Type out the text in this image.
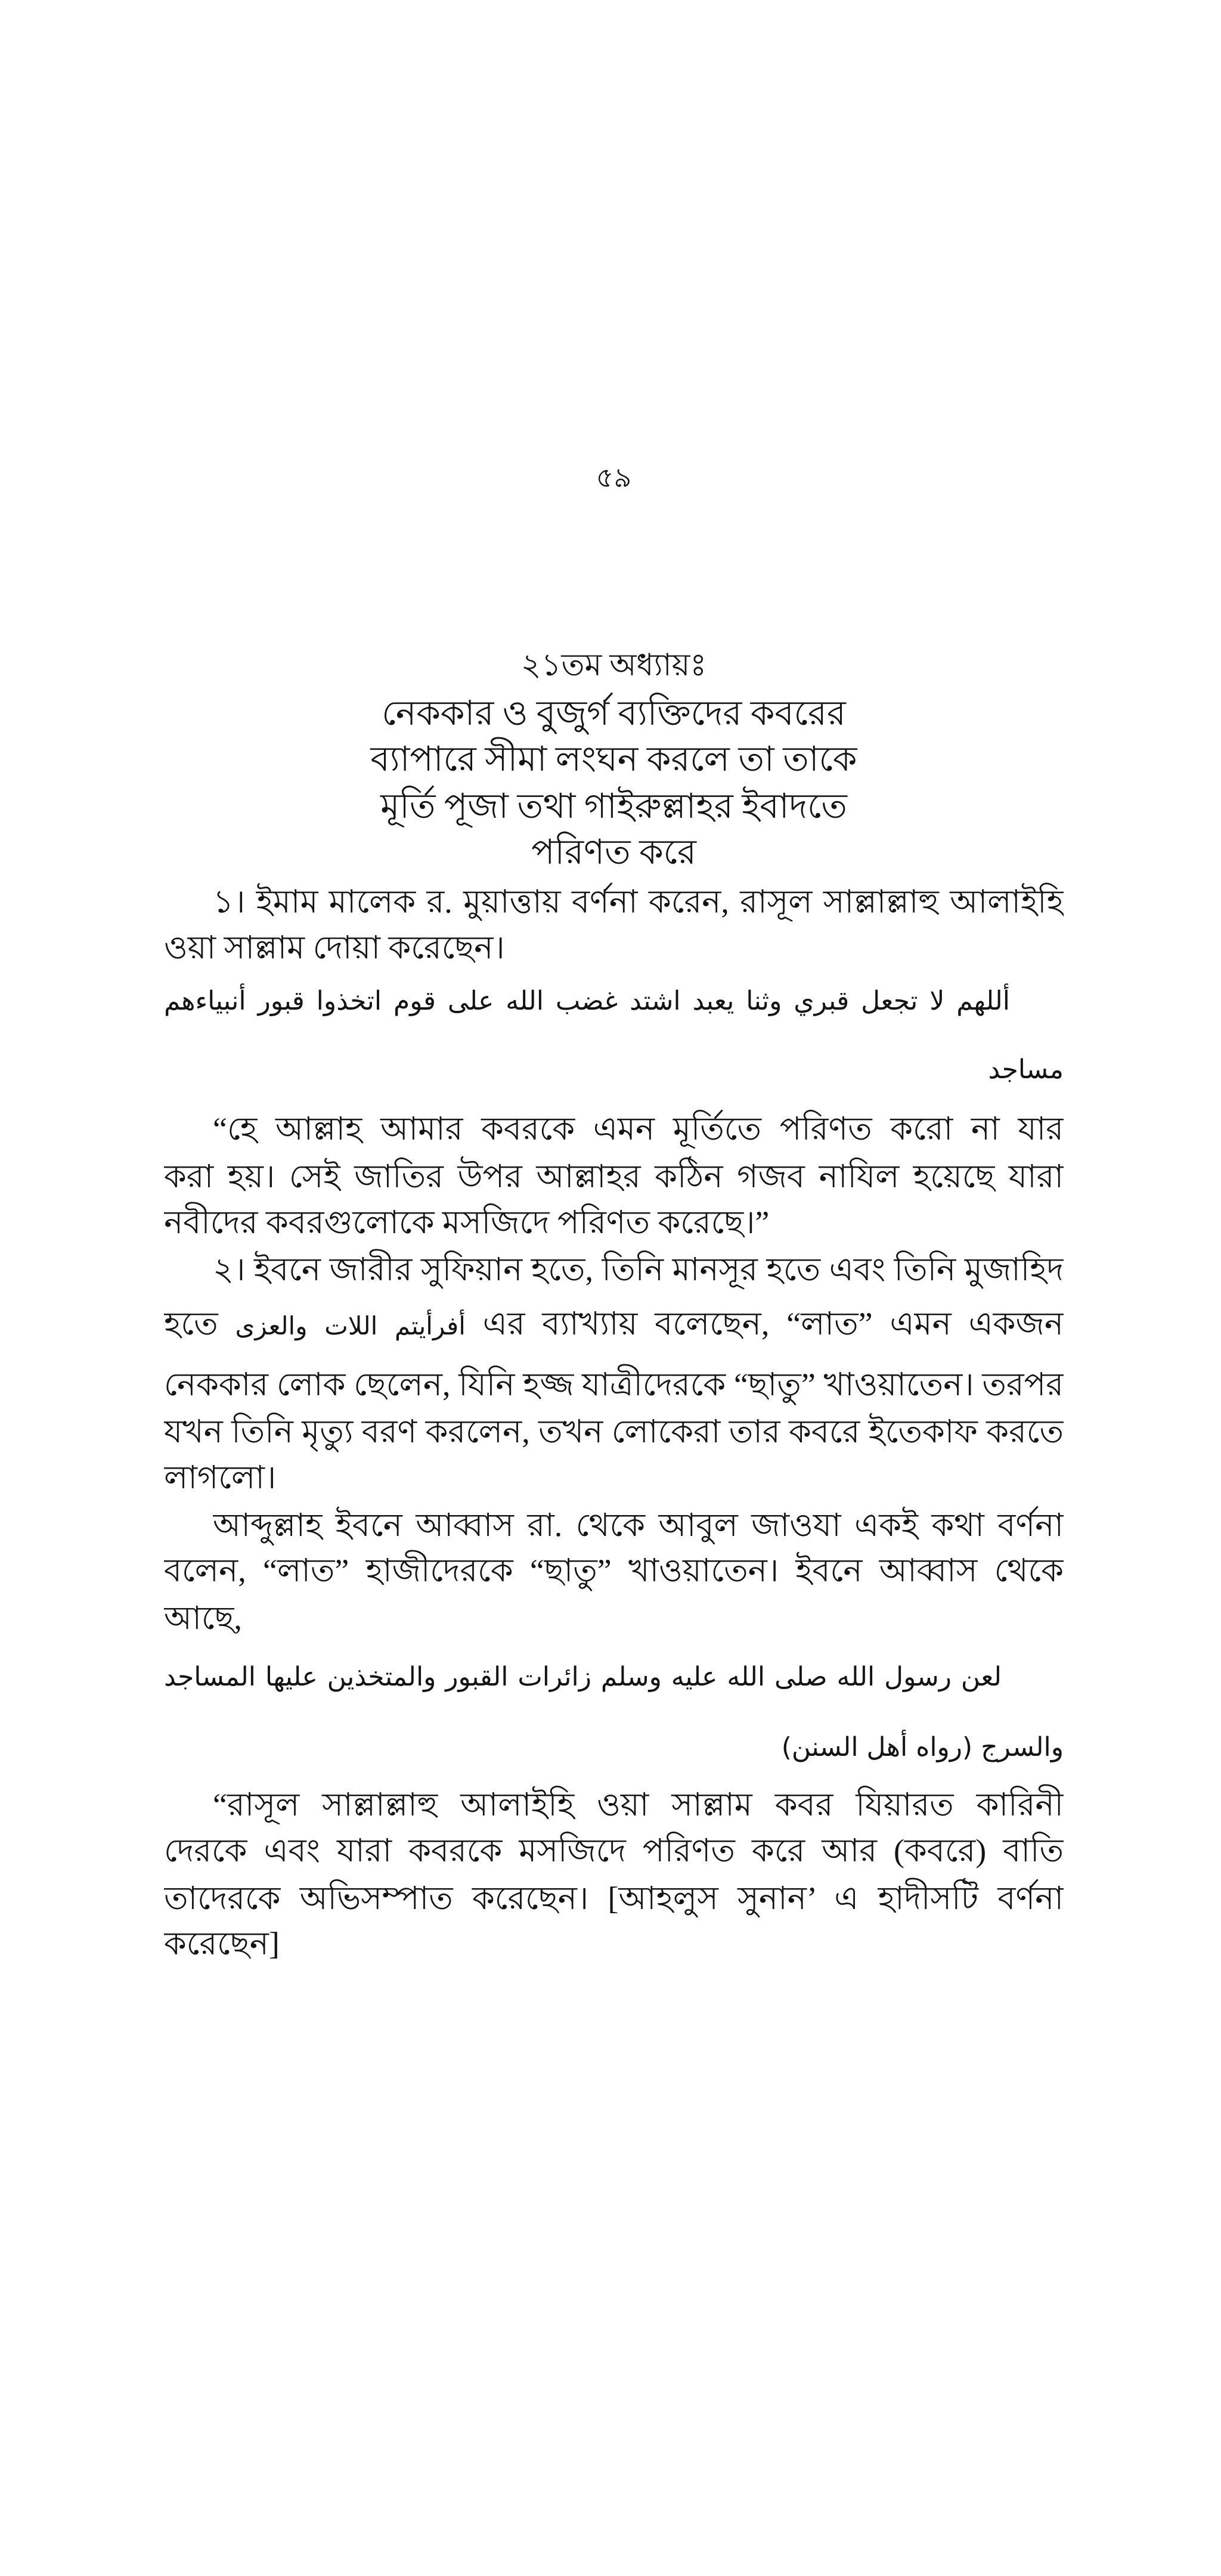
৫৯
২১তম অধ্যায়ঃ
নেককার ও বুজুর্গ ব্যক্তিদের কবরের
ব্যাপারে সীমা লংঘন করলে তা তাকে
মূর্তি পূজা তথা গাইরুল্লাহর ইবাদতে
পরিণত করে
১। ইমাম মালেক র. মুয়াত্তায় বর্ণনা করেন, রাসূল সাল্লাল্লাহু আলাইহি
ওয়া সাল্লাম দোয়া করেছেন।
أللهم لا تجعل قبري وثنا يعبد اشتد غضب الله على قوم اتخذوا قبور أنبياءهم
مساجد
“হে আল্লাহ আমার কবরকে এমন মূর্তিতে পরিণত করো না যার
করা হয়। সেই জাতির উপর আল্লাহর কঠিন গজব নাযিল হয়েছে যারা
নবীদের কবরগুলোকে মসজিদে পরিণত করেছে।”
২। ইবনে জারীর সুফিয়ান হতে, তিনি মানসূর হতে এবং তিনি মুজাহিদ
হতে أفرأيتم اللات والعزى এর ব্যাখ্যায় বলেছেন, “লাত” এমন একজন
নেককার লোক ছেলেন, যিনি হজ্জ যাত্রীদেরকে “ছাতু” খাওয়াতেন। তরপর
যখন তিনি মৃত্যু বরণ করলেন, তখন লোকেরা তার কবরে ইতেকাফ করতে
লাগলো।
আব্দুল্লাহ ইবনে আব্বাস রা. থেকে আবুল জাওযা একই কথা বর্ণনা
বলেন, “লাত” হাজীদেরকে “ছাতু” খাওয়াতেন। ইবনে আব্বাস থেকে
আছে,
لعن رسول الله صلى الله عليه وسلم زائرات القبور والمتخذين عليها المساجد
والسرج (رواه أهل السنن)
“রাসূল সাল্লাল্লাহু আলাইহি ওয়া সাল্লাম কবর যিয়ারত কারিনী
দেরকে এবং যারা কবরকে মসজিদে পরিণত করে আর (কবরে) বাতি
তাদেরকে অভিসম্পাত করেছেন। [আহলুস সুনান’ এ হাদীসটি বর্ণনা
করেছেন]
